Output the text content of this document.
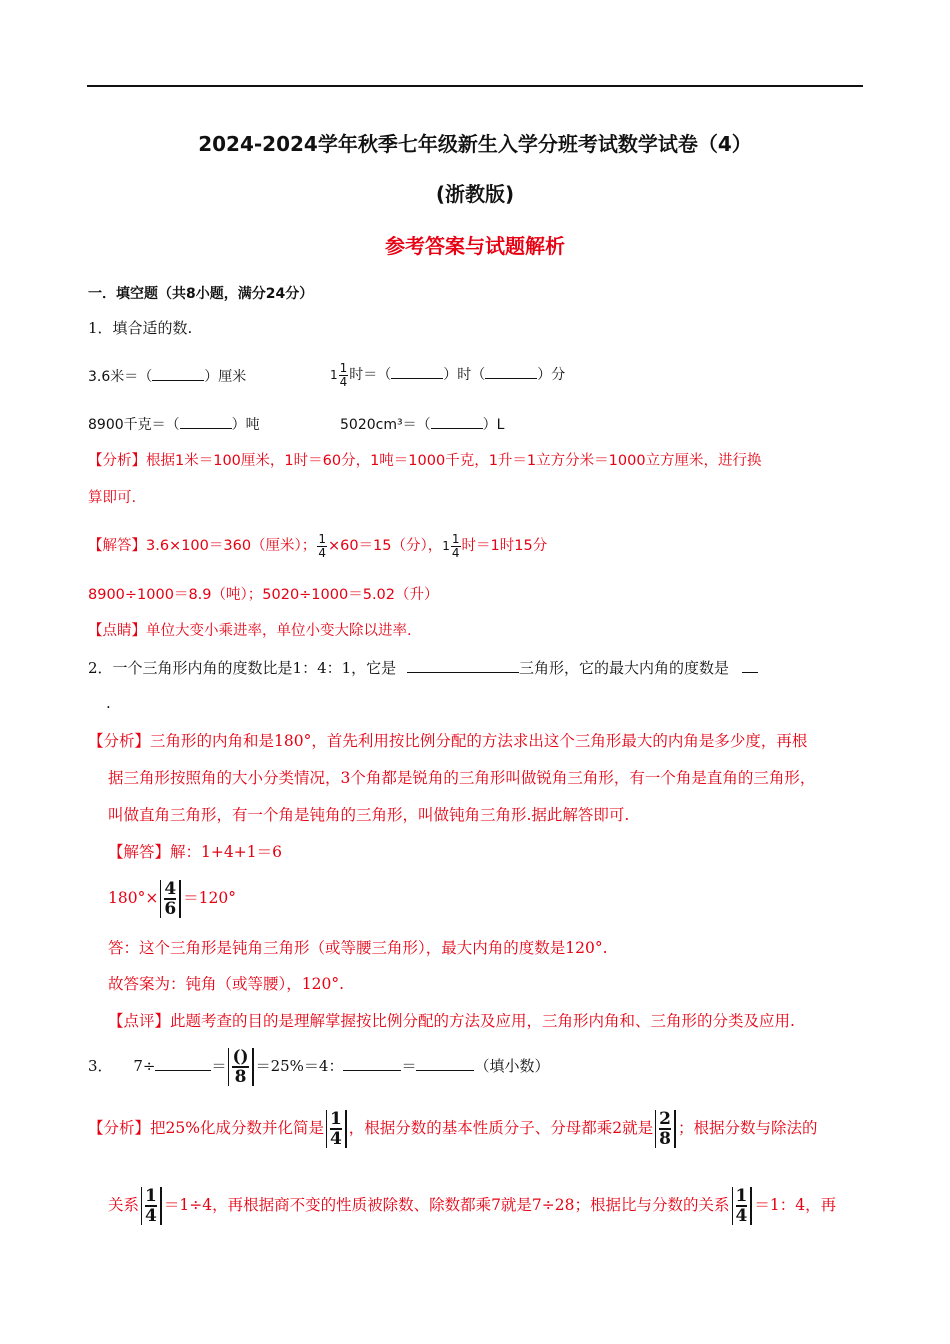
2024-2024学年秋季七年级新生入学分班考试数学试卷（4）
(浙教版)
参考答案与试题解析
一．填空题（共8小题，满分24分）
1．填合适的数.
3.6米＝（	）厘米	$1 \frac{1}{4}$ 时＝（	）时（	）分
8900千克＝（	）吨	5020cm³＝（	）L
【分析】根据1米＝100厘米，1时＝60分，1吨＝1000千克，1升＝1立方分米＝1000立方厘米，进行换
算即可.
【解答】3.6×100＝360（厘米）； $\frac{1}{4} \times 60=15$（分），$1 \frac{1}{4}$ 时＝1时15分
8900÷1000＝8.9（吨）；5020÷1000＝5.02（升）
【点睛】单位大变小乘进率，单位小变大除以进率.
2．一个三角形内角的度数比是1：4：1，它是	三角形，它的最大内角的度数是
.
【分析】三角形的内角和是180°，首先利用按比例分配的方法求出这个三角形最大的内角是多少度，再根
据三角形按照角的大小分类情况，3个角都是锐角的三角形叫做锐角三角形，有一个角是直角的三角形，
叫做直角三角形，有一个角是钝角的三角形，叫做钝角三角形.据此解答即可.
【解答】解：1+4+1＝6
$180^\circ\times \frac{4}{6} =120^\circ$
答：这个三角形是钝角三角形（或等腰三角形），最大内角的度数是120°.
故答案为：钝角（或等腰），120°.
【点评】此题考查的目的是理解掌握按比例分配的方法及应用，三角形内角和、三角形的分类及应用.
3． 7÷	＝ ()
8
＝25%＝4：	＝	（填小数）
【分析】把25%化成分数并化简是 $\frac{1}{4}$ ，根据分数的基本性质分子、分母都乘2就是 $\frac{2}{8}$ ；根据分数与除法的
关系 $\frac{1}{4} =1\div 4$，再根据商不变的性质被除数、除数都乘7就是7÷28；根据比与分数的关系 $\frac{1}{4} =1$：4，再
